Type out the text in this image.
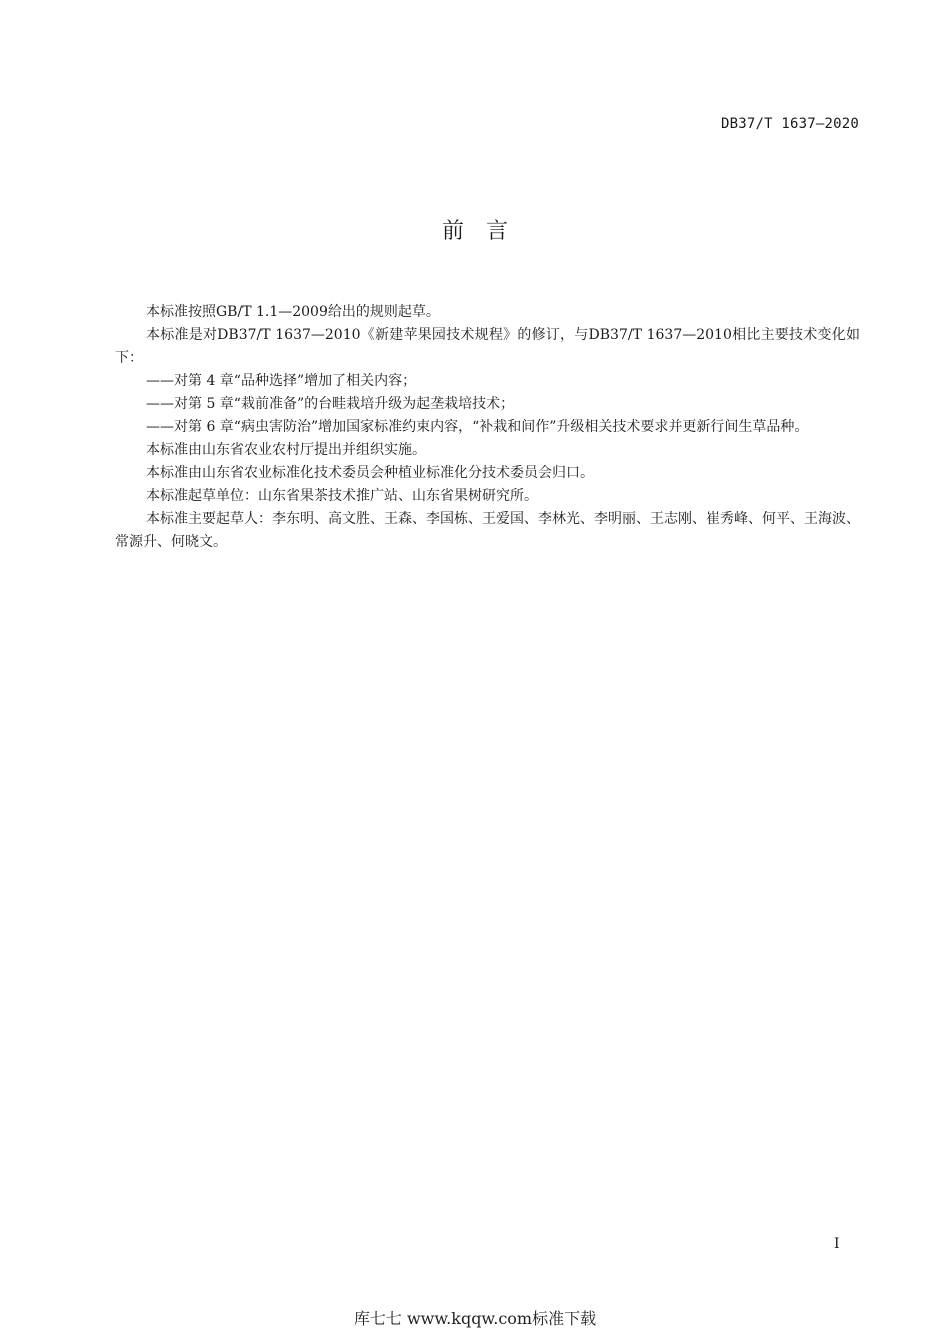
DB37/T 1637—2020
前言

本标准按照GB/T 1.1—2009给出的规则起草。

本标准是对DB37/T 1637—2010《新建苹果园技术规程》的修订，与DB37/T 1637—2010相比主要技术变化如下：

——对第 4 章“品种选择”增加了相关内容；

——对第 5 章“栽前准备”的台畦栽培升级为起垄栽培技术；

——对第 6 章“病虫害防治”增加国家标准约束内容，“补栽和间作”升级相关技术要求并更新行间生草品种。

本标准由山东省农业农村厅提出并组织实施。

本标准由山东省农业标准化技术委员会种植业标准化分技术委员会归口。

本标准起草单位：山东省果茶技术推广站、山东省果树研究所。

本标准主要起草人：李东明、高文胜、王森、李国栋、王爱国、李林光、李明丽、王志刚、崔秀峰、何平、王海波、常源升、何晓文。

I
库七七 www.kqqw.com标准下载
